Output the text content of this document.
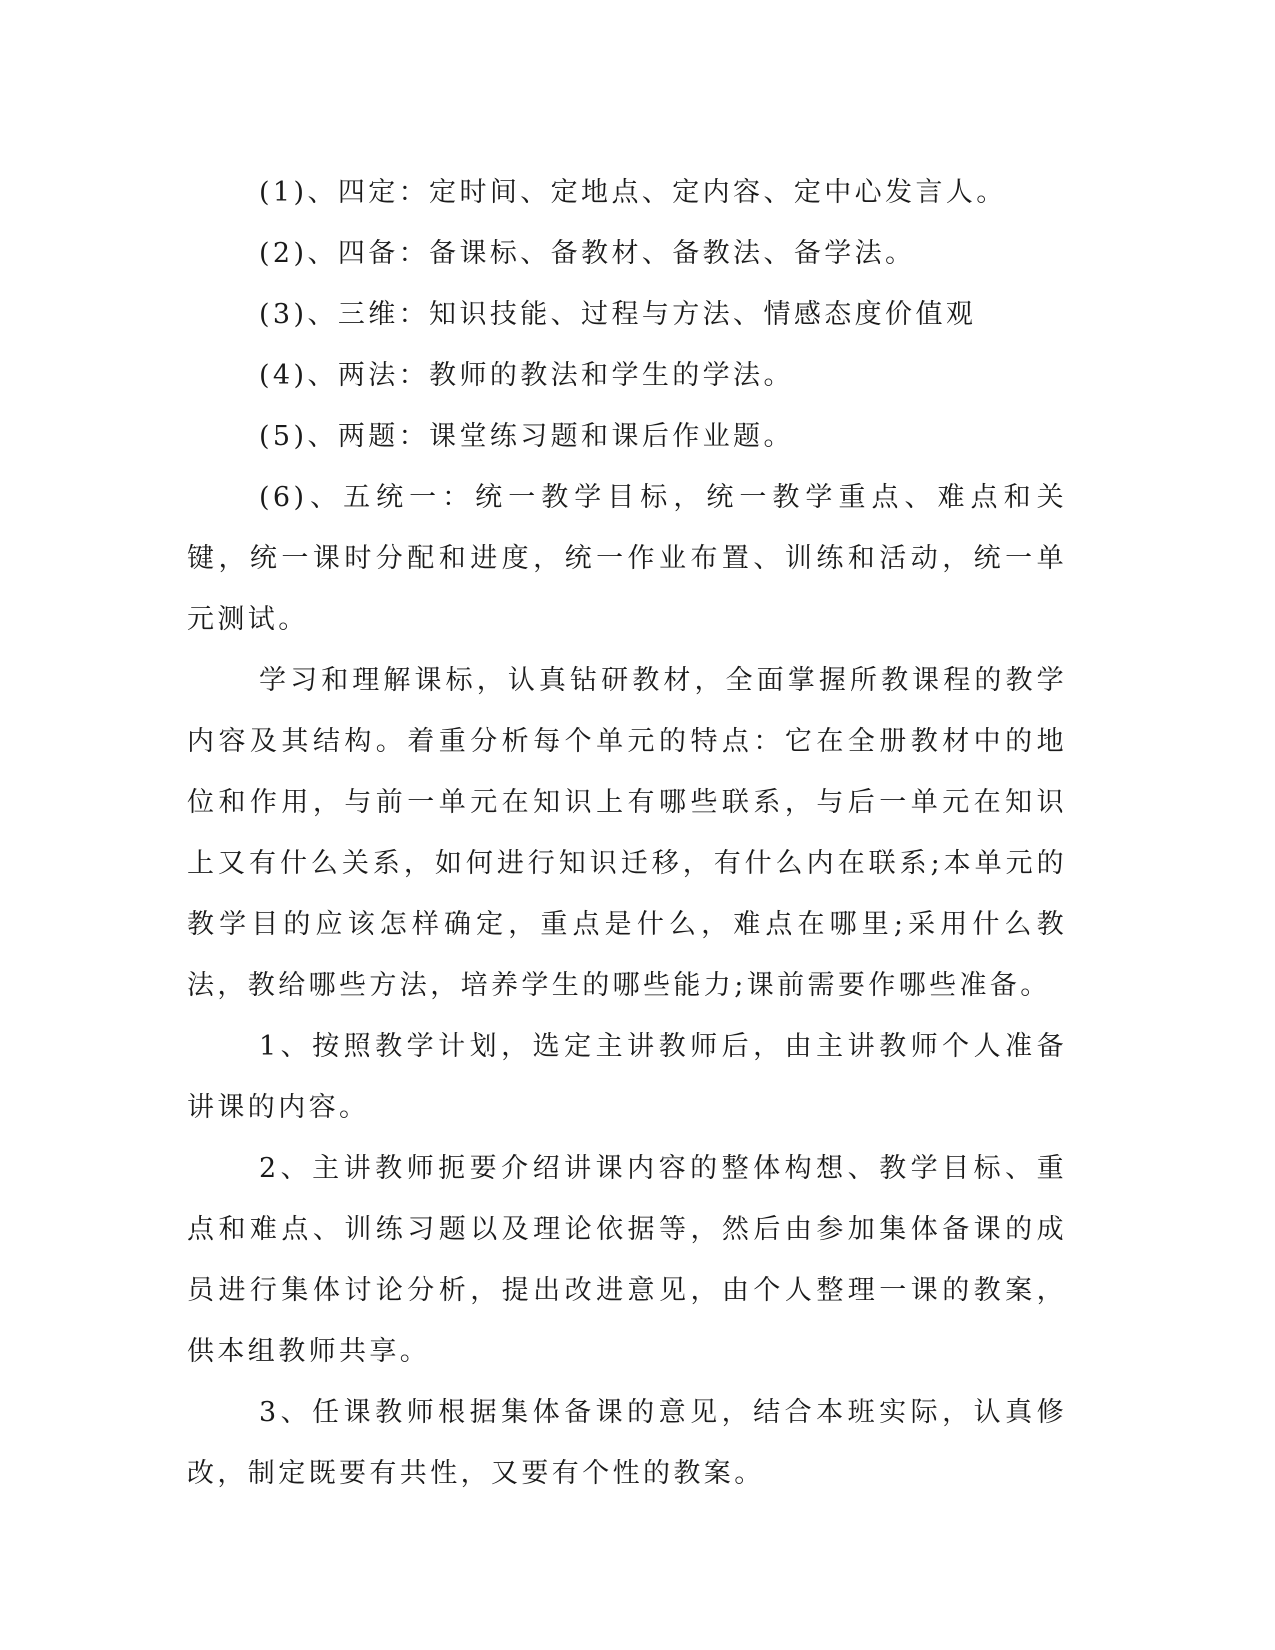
(1)、四定：定时间、定地点、定内容、定中心发言人。

(2)、四备：备课标、备教材、备教法、备学法。

(3)、三维：知识技能、过程与方法、情感态度价值观

(4)、两法：教师的教法和学生的学法。

(5)、两题：课堂练习题和课后作业题。

(6)、五统一：统一教学目标，统一教学重点、难点和关键，统一课时分配和进度，统一作业布置、训练和活动，统一单元测试。

学习和理解课标，认真钻研教材，全面掌握所教课程的教学内容及其结构。着重分析每个单元的特点：它在全册教材中的地位和作用，与前一单元在知识上有哪些联系，与后一单元在知识上又有什么关系，如何进行知识迁移，有什么内在联系;本单元的教学目的应该怎样确定，重点是什么，难点在哪里;采用什么教法，教给哪些方法，培养学生的哪些能力;课前需要作哪些准备。

1、按照教学计划，选定主讲教师后，由主讲教师个人准备讲课的内容。

2、主讲教师扼要介绍讲课内容的整体构想、教学目标、重点和难点、训练习题以及理论依据等，然后由参加集体备课的成员进行集体讨论分析，提出改进意见，由个人整理一课的教案，供本组教师共享。

3、任课教师根据集体备课的意见，结合本班实际，认真修改，制定既要有共性，又要有个性的教案。
